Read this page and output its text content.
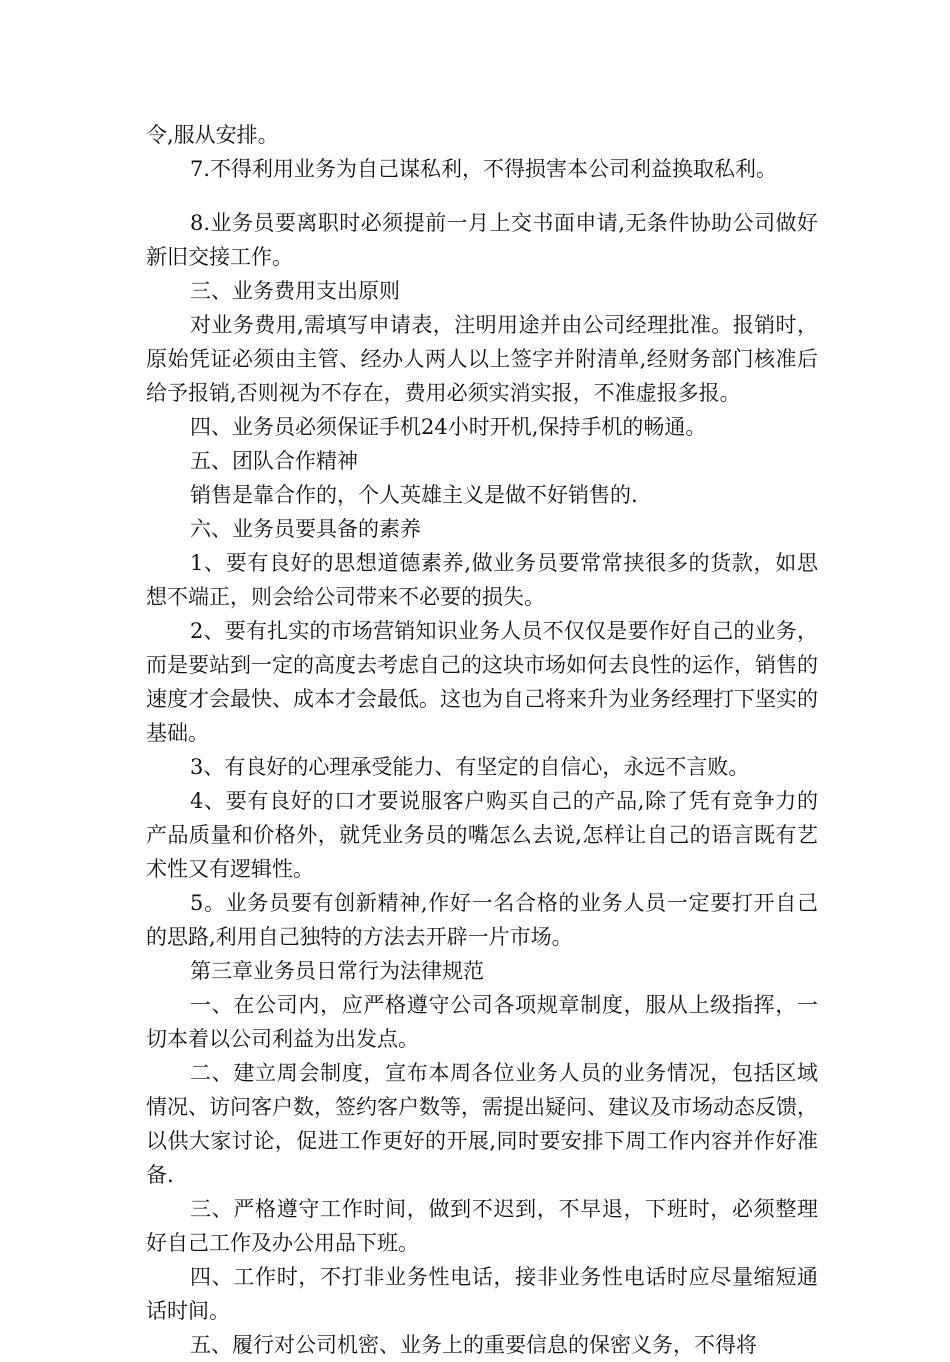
令,服从安排。

7.不得利用业务为自己谋私利，不得损害本公司利益换取私利。

8.业务员要离职时必须提前一月上交书面申请,无条件协助公司做好新旧交接工作。

三、业务费用支出原则

对业务费用,需填写申请表，注明用途并由公司经理批准。报销时，原始凭证必须由主管、经办人两人以上签字并附清单,经财务部门核准后给予报销,否则视为不存在，费用必须实消实报，不准虚报多报。

四、业务员必须保证手机24小时开机,保持手机的畅通。

五、团队合作精神

销售是靠合作的，个人英雄主义是做不好销售的.

六、业务员要具备的素养

1、要有良好的思想道德素养,做业务员要常常挟很多的货款，如思想不端正，则会给公司带来不必要的损失。

2、要有扎实的市场营销知识业务人员不仅仅是要作好自己的业务，而是要站到一定的高度去考虑自己的这块市场如何去良性的运作，销售的速度才会最快、成本才会最低。这也为自己将来升为业务经理打下坚实的基础。

3、有良好的心理承受能力、有坚定的自信心，永远不言败。

4、要有良好的口才要说服客户购买自己的产品,除了凭有竞争力的产品质量和价格外，就凭业务员的嘴怎么去说,怎样让自己的语言既有艺术性又有逻辑性。

5。业务员要有创新精神,作好一名合格的业务人员一定要打开自己的思路,利用自己独特的方法去开辟一片市场。

第三章业务员日常行为法律规范

一、在公司内，应严格遵守公司各项规章制度，服从上级指挥，一切本着以公司利益为出发点。

二、建立周会制度，宣布本周各位业务人员的业务情况，包括区域情况、访问客户数，签约客户数等，需提出疑问、建议及市场动态反馈，以供大家讨论，促进工作更好的开展,同时要安排下周工作内容并作好准备.

三、严格遵守工作时间，做到不迟到，不早退，下班时，必须整理好自己工作及办公用品下班。

四、工作时，不打非业务性电话，接非业务性电话时应尽量缩短通话时间。

五、履行对公司机密、业务上的重要信息的保密义务，不得将
